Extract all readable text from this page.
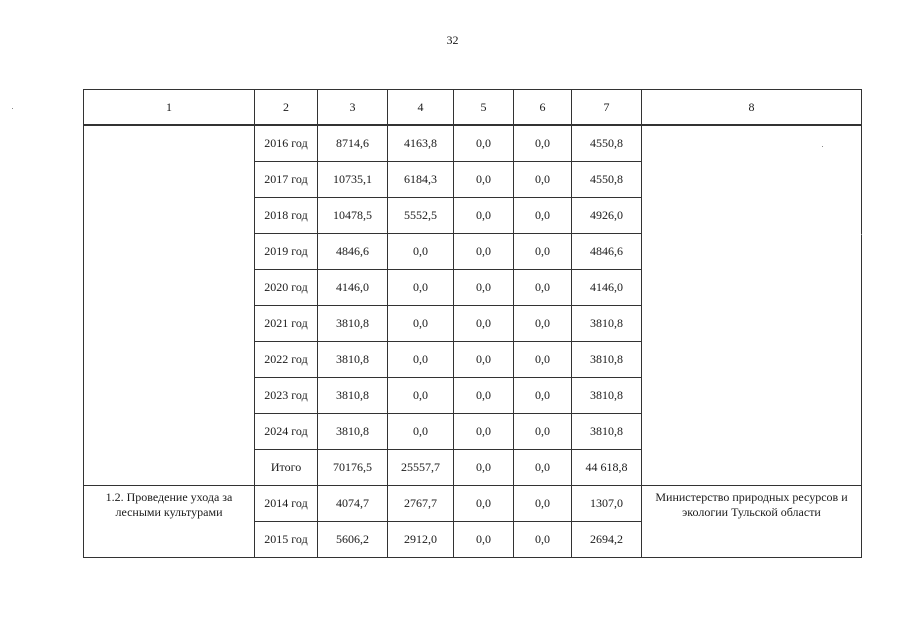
32
1	2	3	4	5	6	7	8
	2016 год	8714,6	4163,8	0,0	0,0	4550,8	
	2017 год	10735,1	6184,3	0,0	0,0	4550,8	
	2018 год	10478,5	5552,5	0,0	0,0	4926,0	
	2019 год	4846,6	0,0	0,0	0,0	4846,6	
	2020 год	4146,0	0,0	0,0	0,0	4146,0	
	2021 год	3810,8	0,0	0,0	0,0	3810,8	
	2022 год	3810,8	0,0	0,0	0,0	3810,8	
	2023 год	3810,8	0,0	0,0	0,0	3810,8	
	2024 год	3810,8	0,0	0,0	0,0	3810,8	
	Итого	70176,5	25557,7	0,0	0,0	44 618,8	
1.2. Проведение ухода за лесными культурами	2014 год	4074,7	2767,7	0,0	0,0	1307,0	Министерство природных ресурсов и экологии Тульской области
	2015 год	5606,2	2912,0	0,0	0,0	2694,2	
